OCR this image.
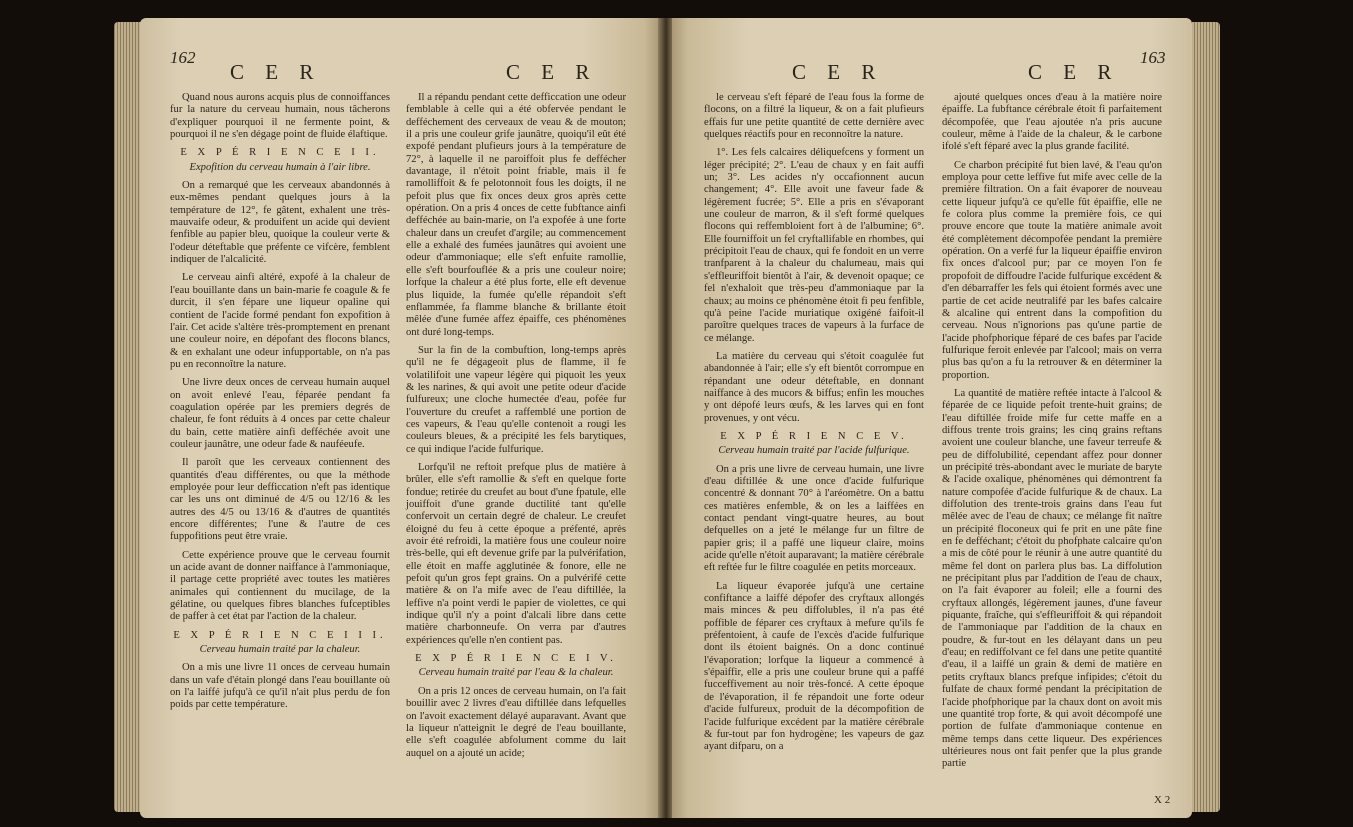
162
C E R	C E R

Quand nous aurons acquis plus de connoiffances fur la nature du cerveau humain, nous tâcherons d'expliquer pourquoi il ne fermente point, & pourquoi il ne s'en dégage point de fluide élaftique.

E X P É R I E N C E I I.
Expofition du cerveau humain à l'air libre.

On a remarqué que les cerveaux abandonnés à eux-mêmes pendant quelques jours à la température de 12°, fe gâtent, exhalent une très-mauvaife odeur, & produifent un acide qui devient fenfible au papier bleu, quoique la couleur verte & l'odeur déteftable que préfente ce vifcère, femblent indiquer de l'alcalicité.

Le cerveau ainfi altéré, expofé à la chaleur de l'eau bouillante dans un bain-marie fe coagule & fe durcit, il s'en fépare une liqueur opaline qui contient de l'acide formé pendant fon expofition à l'air. Cet acide s'altère très-promptement en prenant une couleur noire, en dépofant des flocons blancs, & en exhalant une odeur infupportable, on n'a pas pu en reconnoître la nature.

Une livre deux onces de cerveau humain auquel on avoit enlevé l'eau, féparée pendant fa coagulation opérée par les premiers degrés de chaleur, fe font réduits à 4 onces par cette chaleur du bain, cette matière ainfi defféchée avoit une couleur jaunâtre, une odeur fade & nauféeufe.

Il paroît que les cerveaux contiennent des quantités d'eau différentes, ou que la méthode employée pour leur defficcation n'eft pas identique car les uns ont diminué de 4/5 ou 12/16 & les autres des 4/5 ou 13/16 & d'autres de quantités encore différentes; l'une & l'autre de ces fuppofitions peut être vraie.

Cette expérience prouve que le cerveau fournit un acide avant de donner naiffance à l'ammoniaque, il partage cette propriété avec toutes les matières animales qui contiennent du mucilage, de la gélatine, ou quelques fibres blanches fufceptibles de paffer à cet état par l'action de la chaleur.

E X P É R I E N C E I I I.
Cerveau humain traité par la chaleur.

On a mis une livre 11 onces de cerveau humain dans un vafe d'étain plongé dans l'eau bouillante où on l'a laiffé jufqu'à ce qu'il n'ait plus perdu de fon poids par cette température.

Il a répandu pendant cette defficcation une odeur femblable à celle qui a été obfervée pendant le defféchement des cerveaux de veau & de mouton; il a pris une couleur grife jaunâtre, quoiqu'il eût été expofé pendant plufieurs jours à la température de 72°, à laquelle il ne paroiffoit plus fe deffécher davantage, il n'étoit point friable, mais il fe ramolliffoit & fe pelotonnoit fous les doigts, il ne pefoit plus que fix onces deux gros après cette opération. On a pris 4 onces de cette fubftance ainfi defféchée au bain-marie, on l'a expofée à une forte chaleur dans un creufet d'argile; au commencement elle a exhalé des fumées jaunâtres qui avoient une odeur d'ammoniaque; elle s'eft enfuite ramollie, elle s'eft bourfouflée & a pris une couleur noire; lorfque la chaleur a été plus forte, elle eft devenue plus liquide, la fumée qu'elle répandoit s'eft enflammée, fa flamme blanche & brillante étoit mêlée d'une fumée affez épaiffe, ces phénomènes ont duré long-temps.

Sur la fin de la combuftion, long-temps après qu'il ne fe dégageoit plus de flamme, il fe volatilifoit une vapeur légère qui piquoit les yeux & les narines, & qui avoit une petite odeur d'acide fulfureux; une cloche humectée d'eau, pofée fur l'ouverture du creufet a raffemblé une portion de ces vapeurs, & l'eau qu'elle contenoit a rougi les couleurs bleues, & a précipité les fels barytiques, ce qui indique l'acide fulfurique.

Lorfqu'il ne reftoit prefque plus de matière à brûler, elle s'eft ramollie & s'eft en quelque forte fondue; retirée du creufet au bout d'une fpatule, elle jouiffoit d'une grande ductilité tant qu'elle confervoit un certain degré de chaleur. Le creufet éloigné du feu à cette époque a préfenté, après avoir été refroidi, la matière fous une couleur noire très-belle, qui eft devenue grife par la pulvérifation, elle étoit en maffe agglutinée & fonore, elle ne pefoit qu'un gros fept grains. On a pulvérifé cette matière & on l'a mife avec de l'eau diftillée, la leffive n'a point verdi le papier de violettes, ce qui indique qu'il n'y a point d'alcali libre dans cette matière charbonneufe. On verra par d'autres expériences qu'elle n'en contient pas.

E X P É R I E N C E I V.
Cerveau humain traité par l'eau & la chaleur.

On a pris 12 onces de cerveau humain, on l'a fait bouillir avec 2 livres d'eau diftillée dans lefquelles on l'avoit exactement délayé auparavant. Avant que la liqueur n'atteignit le degré de l'eau bouillante, elle s'eft coagulée abfolument comme du lait auquel on a ajouté un acide;

C E R	C E R
163

le cerveau s'eft féparé de l'eau fous la forme de flocons, on a filtré la liqueur, & on a fait plufieurs effais fur une petite quantité de cette dernière avec quelques réactifs pour en reconnoître la nature.

1°. Les fels calcaires déliquefcens y forment un léger précipité; 2°. L'eau de chaux y en fait auffi un; 3°. Les acides n'y occafionnent aucun changement; 4°. Elle avoit une faveur fade & légèrement fucrée; 5°. Elle a pris en s'évaporant une couleur de marron, & il s'eft formé quelques flocons qui reffembloient fort à de l'albumine; 6°. Elle fourniffoit un fel cryftallifable en rhombes, qui précipitoit l'eau de chaux, qui fe fondoit en un verre tranfparent à la chaleur du chalumeau, mais qui s'effleuriffoit bientôt à l'air, & devenoit opaque; ce fel n'exhaloit que très-peu d'ammoniaque par la chaux; au moins ce phénomène étoit fi peu fenfible, qu'à peine l'acide muriatique oxigéné faifoit-il paroître quelques traces de vapeurs à la furface de ce mélange.

La matière du cerveau qui s'étoit coagulée fut abandonnée à l'air; elle s'y eft bientôt corrompue en répandant une odeur déteftable, en donnant naiffance à des mucors & biffus; enfin les mouches y ont dépofé leurs œufs, & les larves qui en font provenues, y ont vécu.

E X P É R I E N C E V.
Cerveau humain traité par l'acide fulfurique.

On a pris une livre de cerveau humain, une livre d'eau diftillée & une once d'acide fulfurique concentré & donnant 70° à l'aréomètre. On a battu ces matières enfemble, & on les a laiffées en contact pendant vingt-quatre heures, au bout defquelles on a jeté le mélange fur un filtre de papier gris; il a paffé une liqueur claire, moins acide qu'elle n'étoit auparavant; la matière cérébrale eft reftée fur le filtre coagulée en petits morceaux.

La liqueur évaporée jufqu'à une certaine confiftance a laiffé dépofer des cryftaux allongés mais minces & peu diffolubles, il n'a pas été poffible de féparer ces cryftaux à mefure qu'ils fe préfentoient, à caufe de l'excès d'acide fulfurique dont ils étoient baignés. On a donc continué l'évaporation; lorfque la liqueur a commencé à s'épaiffir, elle a pris une couleur brune qui a paffé fucceffivement au noir très-foncé. A cette époque de l'évaporation, il fe répandoit une forte odeur d'acide fulfureux, produit de la décompofition de l'acide fulfurique excédent par la matière cérébrale & fur-tout par fon hydrogène; les vapeurs de gaz ayant difparu, on a

ajouté quelques onces d'eau à la matière noire épaiffe. La fubftance cérébrale étoit fi parfaitement décompofée, que l'eau ajoutée n'a pris aucune couleur, même à l'aide de la chaleur, & le carbone ifolé s'eft féparé avec la plus grande facilité.

Ce charbon précipité fut bien lavé, & l'eau qu'on employa pour cette leffive fut mife avec celle de la première filtration. On a fait évaporer de nouveau cette liqueur jufqu'à ce qu'elle fût épaiffie, elle ne fe colora plus comme la première fois, ce qui prouve encore que toute la matière animale avoit été complètement décompofée pendant la première opération. On a verfé fur la liqueur épaiffie environ fix onces d'alcool pur; par ce moyen l'on fe propofoit de diffoudre l'acide fulfurique excédent & d'en débarraffer les fels qui étoient formés avec une partie de cet acide neutralifé par les bafes calcaire & alcaline qui entrent dans la compofition du cerveau. Nous n'ignorions pas qu'une partie de l'acide phofphorique féparé de ces bafes par l'acide fulfurique feroit enlevée par l'alcool; mais on verra plus bas qu'on a fu la retrouver & en déterminer la proportion.

La quantité de matière reftée intacte à l'alcool & féparée de ce liquide pefoit trente-huit grains; de l'eau diftillée froide mife fur cette maffe en a diffous trente trois grains; les cinq grains reftans avoient une couleur blanche, une faveur terreufe & peu de diffolubilité, cependant affez pour donner un précipité très-abondant avec le muriate de baryte & l'acide oxalique, phénomènes qui démontrent fa nature compofée d'acide fulfurique & de chaux. La diffolution des trente-trois grains dans l'eau fut mêlée avec de l'eau de chaux; ce mélange fit naître un précipité floconeux qui fe prit en une pâte fine en fe defféchant; c'étoit du phofphate calcaire qu'on a mis de côté pour le réunir à une autre quantité du même fel dont on parlera plus bas. La diffolution ne précipitant plus par l'addition de l'eau de chaux, on l'a fait évaporer au foleil; elle a fourni des cryftaux allongés, légèrement jaunes, d'une faveur piquante, fraîche, qui s'effleuriffoit & qui répandoit de l'ammoniaque par l'addition de la chaux en poudre, & fur-tout en les délayant dans un peu d'eau; en rediffolvant ce fel dans une petite quantité d'eau, il a laiffé un grain & demi de matière en petits cryftaux blancs prefque infipides; c'étoit du fulfate de chaux formé pendant la précipitation de l'acide phofphorique par la chaux dont on avoit mis une quantité trop forte, & qui avoit décompofé une portion de fulfate d'ammoniaque contenue en même temps dans cette liqueur. Des expériences ultérieures nous ont fait penfer que la plus grande partie

X 2
